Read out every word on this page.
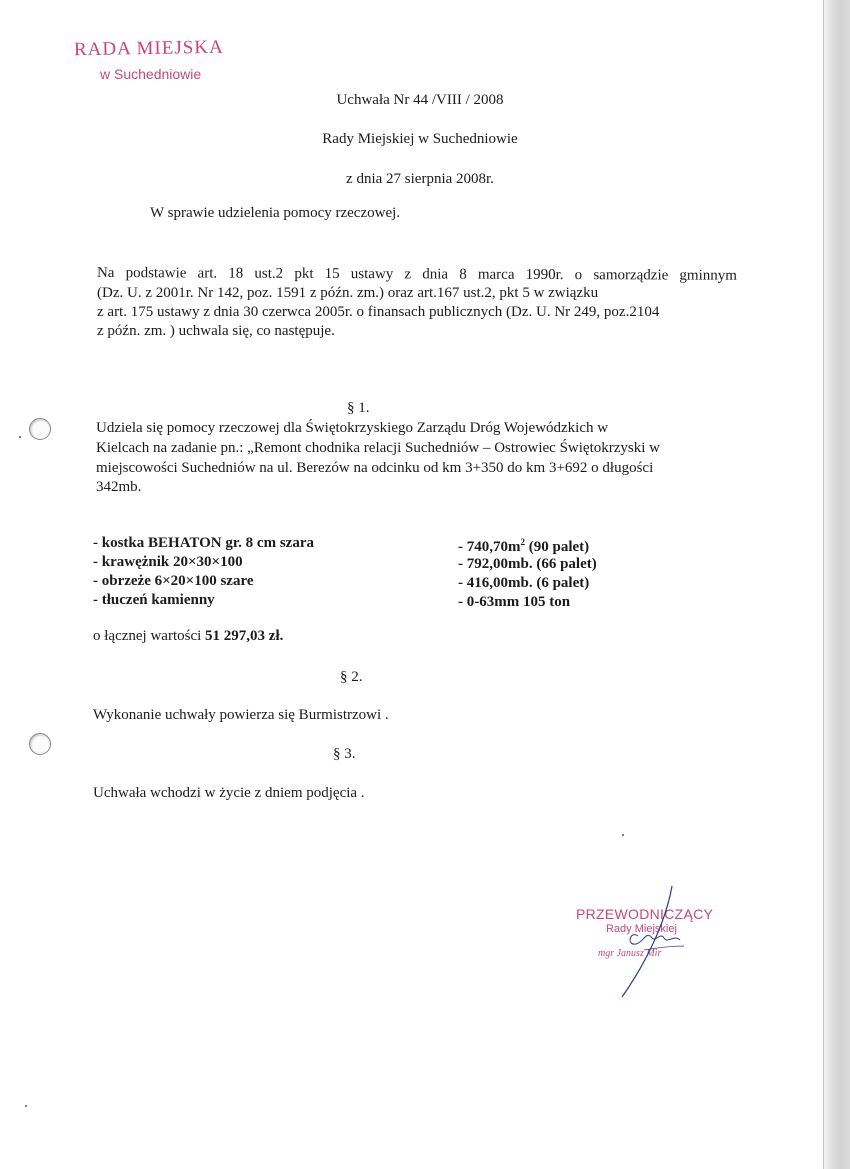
RADA MIEJSKA
w Suchedniowie
Uchwała Nr 44 /VIII / 2008
Rady Miejskiej w Suchedniowie
z dnia 27 sierpnia 2008r.
W sprawie udzielenia pomocy rzeczowej.
Na podstawie art. 18 ust.2 pkt 15 ustawy z dnia 8 marca 1990r. o samorządzie gminnym
(Dz. U. z 2001r. Nr 142, poz. 1591 z późn. zm.) oraz art.167 ust.2, pkt 5 w związku
z art. 175 ustawy z dnia 30 czerwca 2005r. o finansach publicznych (Dz. U. Nr 249, poz.2104
z późn. zm. ) uchwala się, co następuje.
§ 1.
Udziela się pomocy rzeczowej dla Świętokrzyskiego Zarządu Dróg Wojewódzkich w
Kielcach na zadanie pn.: „Remont chodnika relacji Suchedniów – Ostrowiec Świętokrzyski w
miejscowości Suchedniów na ul. Berezów na odcinku od km 3+350 do km 3+692 o długości
342mb.
- kostka BEHATON gr. 8 cm szara
- krawężnik 20×30×100
- obrzeże 6×20×100 szare
- tłuczeń kamienny
- $740,70m^2$ (90 palet)
- 792,00mb. (66 palet)
- 416,00mb. (6 palet)
- 0-63mm 105 ton
o łącznej wartości 51 297,03 zł.
§ 2.
Wykonanie uchwały powierza się Burmistrzowi .
§ 3.
Uchwała wchodzi w życie z dniem podjęcia .
PRZEWODNICZĄCY
Rady Miejskiej
mgr Janusz Mir
